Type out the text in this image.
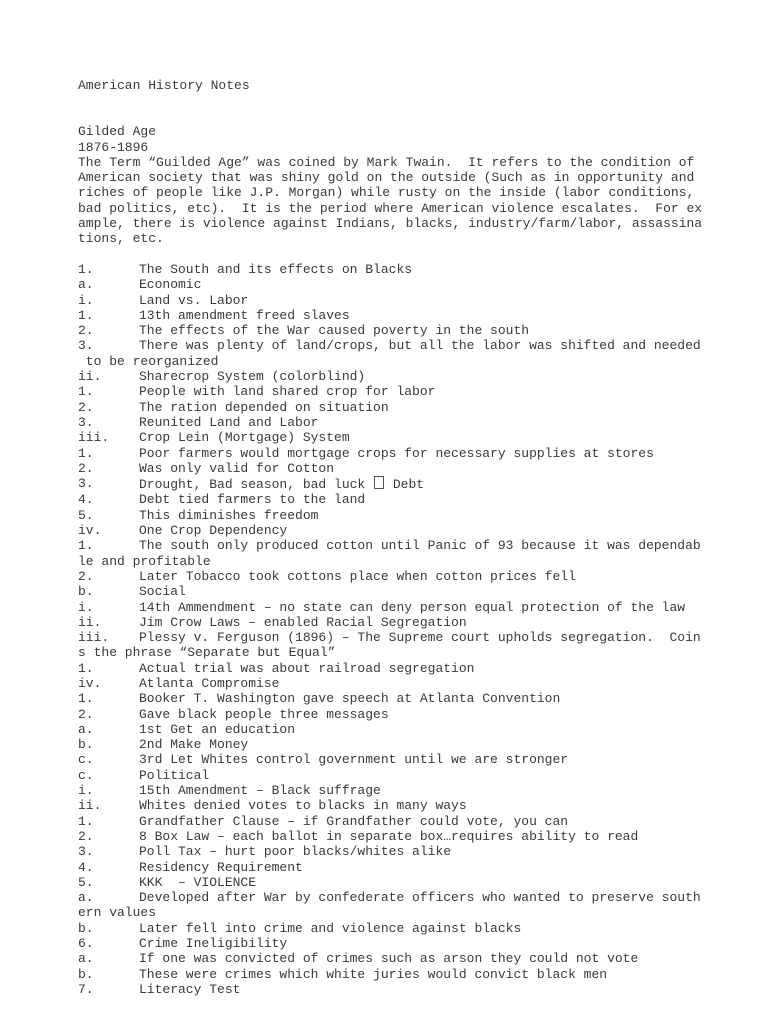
American History Notes
Gilded Age
1876-1896
The Term “Guilded Age” was coined by Mark Twain.  It refers to the condition of
American society that was shiny gold on the outside (Such as in opportunity and
riches of people like J.P. Morgan) while rusty on the inside (labor conditions,
bad politics, etc).  It is the period where American violence escalates.  For ex
ample, there is violence against Indians, blacks, industry/farm/labor, assassina
tions, etc.
1.	The South and its effects on Blacks
a.	Economic
i.	Land vs. Labor
1.	13th amendment freed slaves
2.	The effects of the War caused poverty in the south
3.	There was plenty of land/crops, but all the labor was shifted and needed
to be reorganized
ii.	Sharecrop System (colorblind)
1.	People with land shared crop for labor
2.	The ration depended on situation
3.	Reunited Land and Labor
iii.	Crop Lein (Mortgage) System
1.	Poor farmers would mortgage crops for necessary supplies at stores
2.	Was only valid for Cotton
3.	Drought, Bad season, bad luck  Debt
4.	Debt tied farmers to the land
5.	This diminishes freedom
iv.	One Crop Dependency
1.	The south only produced cotton until Panic of 93 because it was dependab
le and profitable
2.	Later Tobacco took cottons place when cotton prices fell
b.	Social
i.	14th Ammendment – no state can deny person equal protection of the law
ii.	Jim Crow Laws – enabled Racial Segregation
iii.	Plessy v. Ferguson (1896) – The Supreme court upholds segregation.  Coin
s the phrase “Separate but Equal”
1.	Actual trial was about railroad segregation
iv.	Atlanta Compromise
1.	Booker T. Washington gave speech at Atlanta Convention
2.	Gave black people three messages
a.	1st Get an education
b.	2nd Make Money
c.	3rd Let Whites control government until we are stronger
c.	Political
i.	15th Amendment – Black suffrage
ii.	Whites denied votes to blacks in many ways
1.	Grandfather Clause – if Grandfather could vote, you can
2.	8 Box Law – each ballot in separate box…requires ability to read
3.	Poll Tax – hurt poor blacks/whites alike
4.	Residency Requirement
5.	KKK  – VIOLENCE
a.	Developed after War by confederate officers who wanted to preserve south
ern values
b.	Later fell into crime and violence against blacks
6.	Crime Ineligibility
a.	If one was convicted of crimes such as arson they could not vote
b.	These were crimes which white juries would convict black men
7.	Literacy Test
